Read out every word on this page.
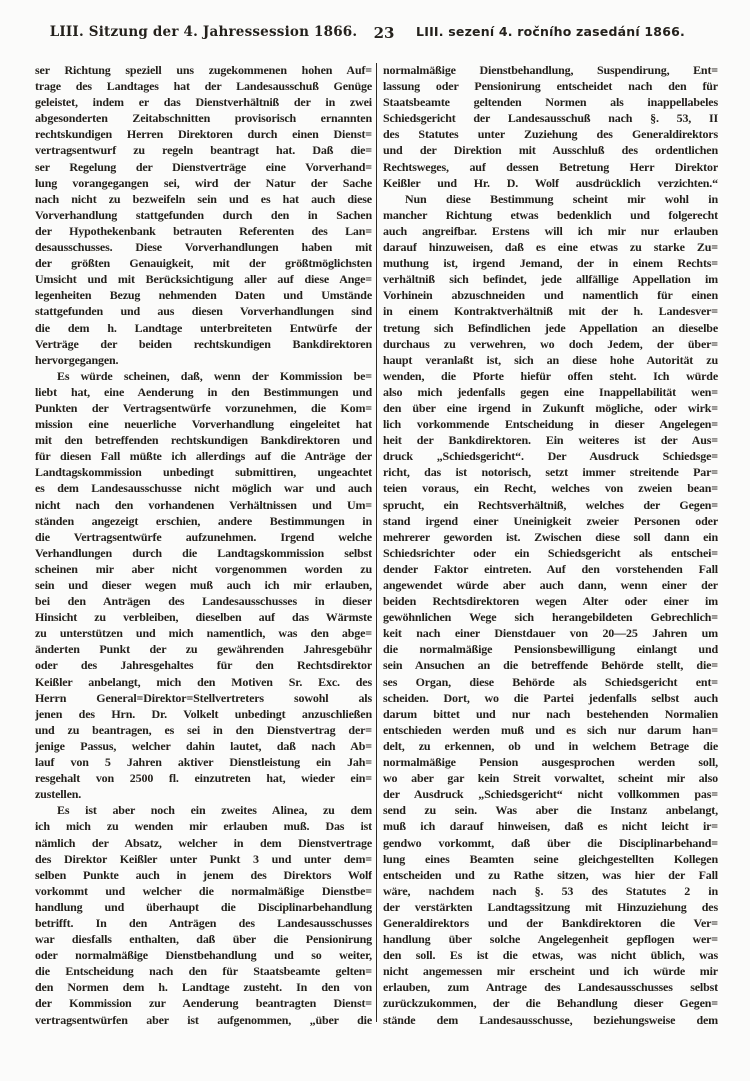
LIII. Sitzung der 4. Jahressession 1866.	23	LIII. sezení 4. ročního zasedání 1866.
ser Richtung speziell uns zugekommenen hohen Auf=
trage des Landtages hat der Landesausschuß Genüge
geleistet, indem er das Dienstverhältniß der in zwei
abgesonderten Zeitabschnitten provisorisch ernannten
rechtskundigen Herren Direktoren durch einen Dienst=
vertragsentwurf zu regeln beantragt hat. Daß die=
ser Regelung der Dienstverträge eine Vorverhand=
lung vorangegangen sei, wird der Natur der Sache
nach nicht zu bezweifeln sein und es hat auch diese
Vorverhandlung stattgefunden durch den in Sachen
der Hypothekenbank betrauten Referenten des Lan=
desausschusses. Diese Vorverhandlungen haben mit
der größten Genauigkeit, mit der größtmöglichsten
Umsicht und mit Berücksichtigung aller auf diese Ange=
legenheiten Bezug nehmenden Daten und Umstände
stattgefunden und aus diesen Vorverhandlungen sind
die dem h. Landtage unterbreiteten Entwürfe der
Verträge der beiden rechtskundigen Bankdirektoren
hervorgegangen.
Es würde scheinen, daß, wenn der Kommission be=
liebt hat, eine Aenderung in den Bestimmungen und
Punkten der Vertragsentwürfe vorzunehmen, die Kom=
mission eine neuerliche Vorverhandlung eingeleitet hat
mit den betreffenden rechtskundigen Bankdirektoren und
für diesen Fall müßte ich allerdings auf die Anträge der
Landtagskommission unbedingt submittiren, ungeachtet
es dem Landesausschusse nicht möglich war und auch
nicht nach den vorhandenen Verhältnissen und Um=
ständen angezeigt erschien, andere Bestimmungen in
die Vertragsentwürfe aufzunehmen. Irgend welche
Verhandlungen durch die Landtagskommission selbst
scheinen mir aber nicht vorgenommen worden zu
sein und dieser wegen muß auch ich mir erlauben,
bei den Anträgen des Landesausschusses in dieser
Hinsicht zu verbleiben, dieselben auf das Wärmste
zu unterstützen und mich namentlich, was den abge=
änderten Punkt der zu gewährenden Jahresgebühr
oder des Jahresgehaltes für den Rechtsdirektor
Keißler anbelangt, mich den Motiven Sr. Exc. des
Herrn General=Direktor=Stellvertreters sowohl als
jenen des Hrn. Dr. Volkelt unbedingt anzuschließen
und zu beantragen, es sei in den Dienstvertrag der=
jenige Passus, welcher dahin lautet, daß nach Ab=
lauf von 5 Jahren aktiver Dienstleistung ein Jah=
resgehalt von 2500 fl. einzutreten hat, wieder ein=
zustellen.
Es ist aber noch ein zweites Alinea, zu dem
ich mich zu wenden mir erlauben muß. Das ist
nämlich der Absatz, welcher in dem Dienstvertrage
des Direktor Keißler unter Punkt 3 und unter dem=
selben Punkte auch in jenem des Direktors Wolf
vorkommt und welcher die normalmäßige Dienstbe=
handlung und überhaupt die Disciplinarbehandlung
betrifft. In den Anträgen des Landesausschusses
war diesfalls enthalten, daß über die Pensionirung
oder normalmäßige Dienstbehandlung und so weiter,
die Entscheidung nach den für Staatsbeamte gelten=
den Normen dem h. Landtage zusteht. In den von
der Kommission zur Aenderung beantragten Dienst=
vertragsentwürfen aber ist aufgenommen, „über die
normalmäßige Dienstbehandlung, Suspendirung, Ent=
lassung oder Pensionirung entscheidet nach den für
Staatsbeamte geltenden Normen als inappellabeles
Schiedsgericht der Landesausschuß nach §. 53, II
des Statutes unter Zuziehung des Generaldirektors
und der Direktion mit Ausschluß des ordentlichen
Rechtsweges, auf dessen Betretung Herr Direktor
Keißler und Hr. D. Wolf ausdrücklich verzichten.“
Nun diese Bestimmung scheint mir wohl in
mancher Richtung etwas bedenklich und folgerecht
auch angreifbar. Erstens will ich mir nur erlauben
darauf hinzuweisen, daß es eine etwas zu starke Zu=
muthung ist, irgend Jemand, der in einem Rechts=
verhältniß sich befindet, jede allfällige Appellation im
Vorhinein abzuschneiden und namentlich für einen
in einem Kontraktverhältniß mit der h. Landesver=
tretung sich Befindlichen jede Appellation an dieselbe
durchaus zu verwehren, wo doch Jedem, der über=
haupt veranlaßt ist, sich an diese hohe Autorität zu
wenden, die Pforte hiefür offen steht. Ich würde
also mich jedenfalls gegen eine Inappellabilität wen=
den über eine irgend in Zukunft mögliche, oder wirk=
lich vorkommende Entscheidung in dieser Angelegen=
heit der Bankdirektoren. Ein weiteres ist der Aus=
druck „Schiedsgericht“. Der Ausdruck Schiedsge=
richt, das ist notorisch, setzt immer streitende Par=
teien voraus, ein Recht, welches von zweien bean=
sprucht, ein Rechtsverhältniß, welches der Gegen=
stand irgend einer Uneinigkeit zweier Personen oder
mehrerer geworden ist. Zwischen diese soll dann ein
Schiedsrichter oder ein Schiedsgericht als entschei=
dender Faktor eintreten. Auf den vorstehenden Fall
angewendet würde aber auch dann, wenn einer der
beiden Rechtsdirektoren wegen Alter oder einer im
gewöhnlichen Wege sich herangebildeten Gebrechlich=
keit nach einer Dienstdauer von 20—25 Jahren um
die normalmäßige Pensionsbewilligung einlangt und
sein Ansuchen an die betreffende Behörde stellt, die=
ses Organ, diese Behörde als Schiedsgericht ent=
scheiden. Dort, wo die Partei jedenfalls selbst auch
darum bittet und nur nach bestehenden Normalien
entschieden werden muß und es sich nur darum han=
delt, zu erkennen, ob und in welchem Betrage die
normalmäßige Pension ausgesprochen werden soll,
wo aber gar kein Streit vorwaltet, scheint mir also
der Ausdruck „Schiedsgericht“ nicht vollkommen pas=
send zu sein. Was aber die Instanz anbelangt,
muß ich darauf hinweisen, daß es nicht leicht ir=
gendwo vorkommt, daß über die Disciplinarbehand=
lung eines Beamten seine gleichgestellten Kollegen
entscheiden und zu Rathe sitzen, was hier der Fall
wäre, nachdem nach §. 53 des Statutes 2 in
der verstärkten Landtagssitzung mit Hinzuziehung des
Generaldirektors und der Bankdirektoren die Ver=
handlung über solche Angelegenheit gepflogen wer=
den soll. Es ist die etwas, was nicht üblich, was
nicht angemessen mir erscheint und ich würde mir
erlauben, zum Antrage des Landesausschusses selbst
zurückzukommen, der die Behandlung dieser Gegen=
stände dem Landesausschusse, beziehungsweise dem
